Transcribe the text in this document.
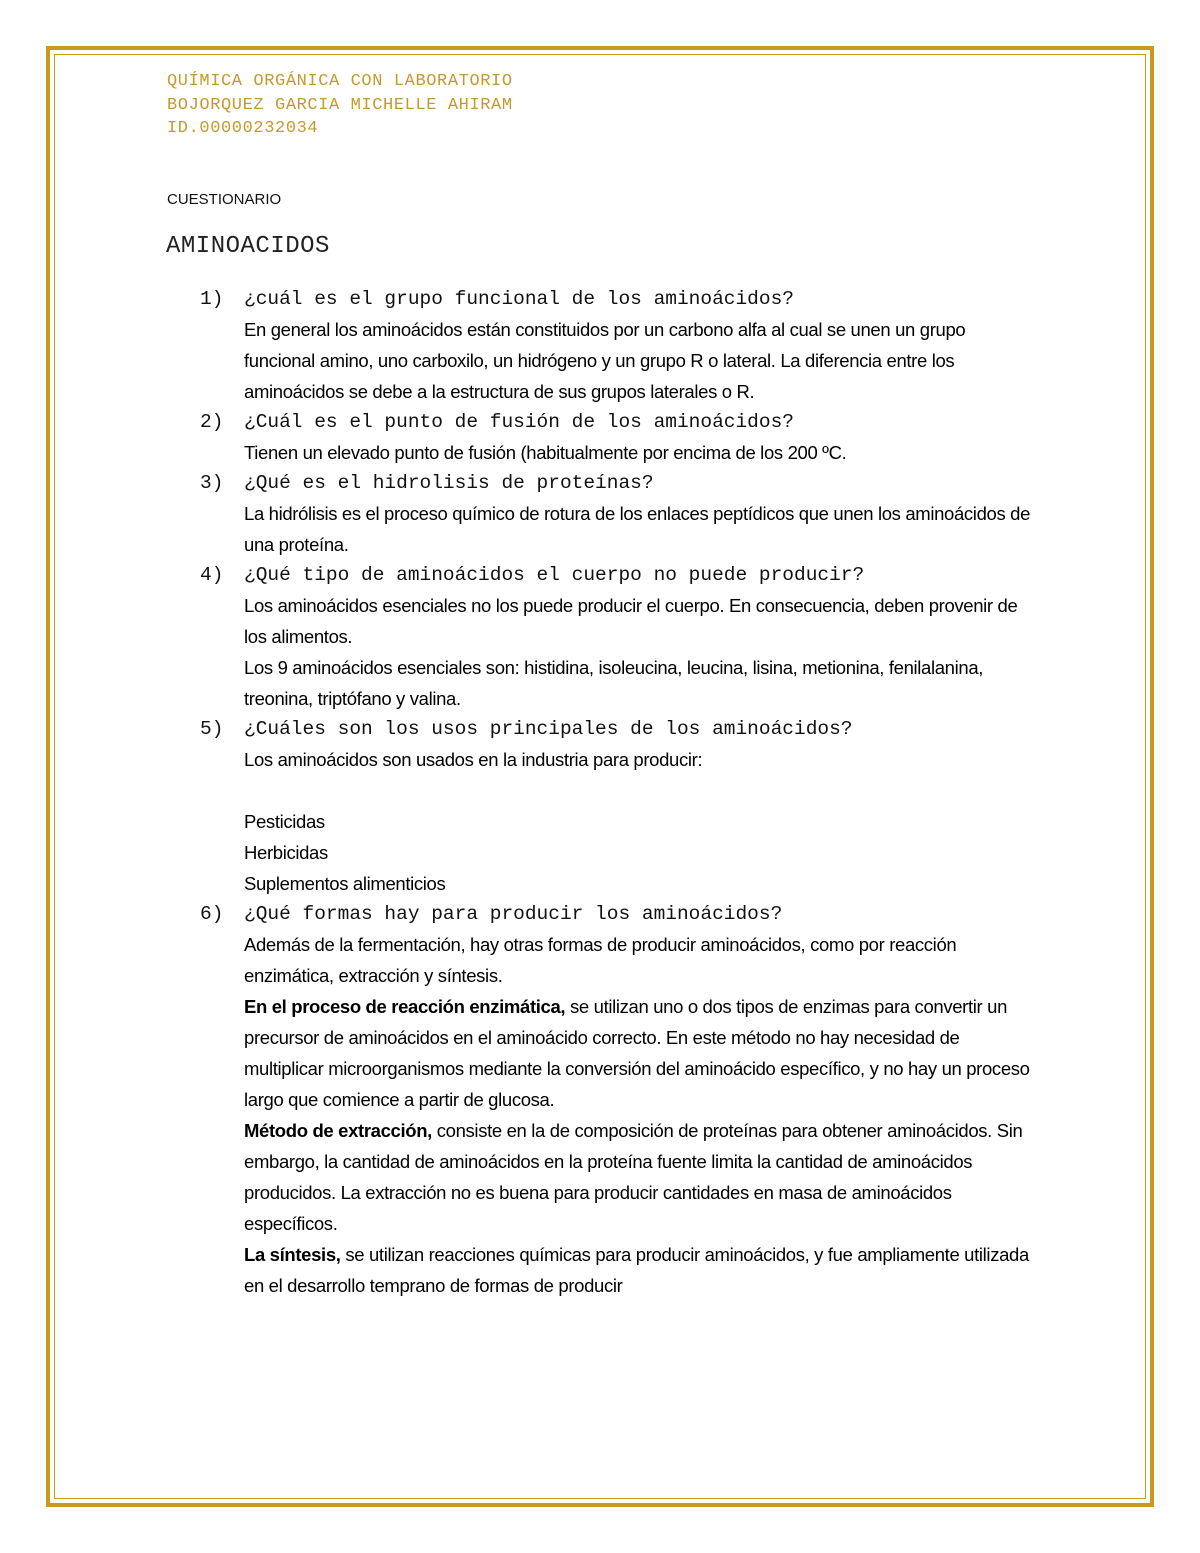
QUÍMICA ORGÁNICA CON LABORATORIO
BOJORQUEZ GARCIA MICHELLE AHIRAM
ID.00000232034
CUESTIONARIO
AMINOACIDOS
1) ¿cuál es el grupo funcional de los aminoácidos?

En general los aminoácidos están constituidos por un carbono alfa al cual se unen un grupo funcional amino, uno carboxilo, un hidrógeno y un grupo R o lateral. La diferencia entre los aminoácidos se debe a la estructura de sus grupos laterales o R.

2) ¿Cuál es el punto de fusión de los aminoácidos?

Tienen un elevado punto de fusión (habitualmente por encima de los 200 ºC.

3) ¿Qué es el hidrolisis de proteínas?

La hidrólisis es el proceso químico de rotura de los enlaces peptídicos que unen los aminoácidos de una proteína.

4) ¿Qué tipo de aminoácidos el cuerpo no puede producir?

Los aminoácidos esenciales no los puede producir el cuerpo. En consecuencia, deben provenir de los alimentos.

Los 9 aminoácidos esenciales son: histidina, isoleucina, leucina, lisina, metionina, fenilalanina, treonina, triptófano y valina.

5) ¿Cuáles son los usos principales de los aminoácidos?

Los aminoácidos son usados en la industria para producir:

Pesticidas

Herbicidas

Suplementos alimenticios

6) ¿Qué formas hay para producir los aminoácidos?

Además de la fermentación, hay otras formas de producir aminoácidos, como por reacción enzimática, extracción y síntesis.

En el proceso de reacción enzimática, se utilizan uno o dos tipos de enzimas para convertir un precursor de aminoácidos en el aminoácido correcto. En este método no hay necesidad de multiplicar microorganismos mediante la conversión del aminoácido específico, y no hay un proceso largo que comience a partir de glucosa.

Método de extracción, consiste en la de composición de proteínas para obtener aminoácidos. Sin embargo, la cantidad de aminoácidos en la proteína fuente limita la cantidad de aminoácidos producidos. La extracción no es buena para producir cantidades en masa de aminoácidos específicos.

La síntesis, se utilizan reacciones químicas para producir aminoácidos, y fue ampliamente utilizada en el desarrollo temprano de formas de producir
